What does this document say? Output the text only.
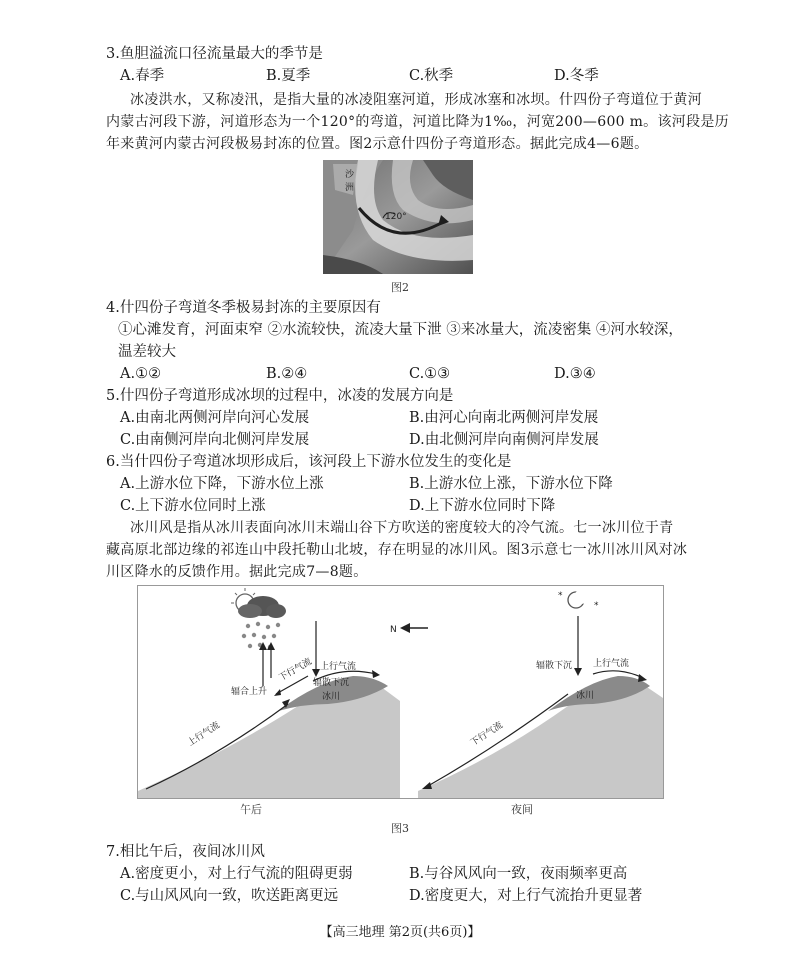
3.鱼胆溢流口径流量最大的季节是
A.春季	B.夏季	C.秋季	D.冬季
冰凌洪水，又称凌汛，是指大量的冰凌阻塞河道，形成冰塞和冰坝。什四份子弯道位于黄河
内蒙古河段下游，河道形态为一个120°的弯道，河道比降为1‰，河宽200—600 m。该河段是历
年来黄河内蒙古河段极易封冻的位置。图2示意什四份子弯道形态。据此完成4—6题。
沙
洲
120°
图2
4.什四份子弯道冬季极易封冻的主要原因有
①心滩发育，河面束窄 ②水流较快，流凌大量下泄 ③来冰量大，流凌密集 ④河水较深，
温差较大
A.①②	B.②④	C.①③	D.③④
5.什四份子弯道形成冰坝的过程中，冰凌的发展方向是
A.由南北两侧河岸向河心发展	B.由河心向南北两侧河岸发展
C.由南侧河岸向北侧河岸发展	D.由北侧河岸向南侧河岸发展
6.当什四份子弯道冰坝形成后，该河段上下游水位发生的变化是
A.上游水位下降，下游水位上涨	B.上游水位上涨，下游水位下降
C.上下游水位同时上涨	D.上下游水位同时下降
冰川风是指从冰川表面向冰川末端山谷下方吹送的密度较大的冷气流。七一冰川位于青
藏高原北部边缘的祁连山中段托勒山北坡，存在明显的冰川风。图3示意七一冰川冰川风对冰
川区降水的反馈作用。据此完成7—8题。
上行气流
辐合上升
下行气流 上行气流
辐散下沉
冰川
N
*
*
辐散下沉 上行气流
冰川
下行气流
午后	夜间
图3
7.相比午后，夜间冰川风
A.密度更小，对上行气流的阻碍更弱	B.与谷风风向一致，夜雨频率更高
C.与山风风向一致，吹送距离更远	D.密度更大，对上行气流抬升更显著
【高三地理 第2页(共6页)】
